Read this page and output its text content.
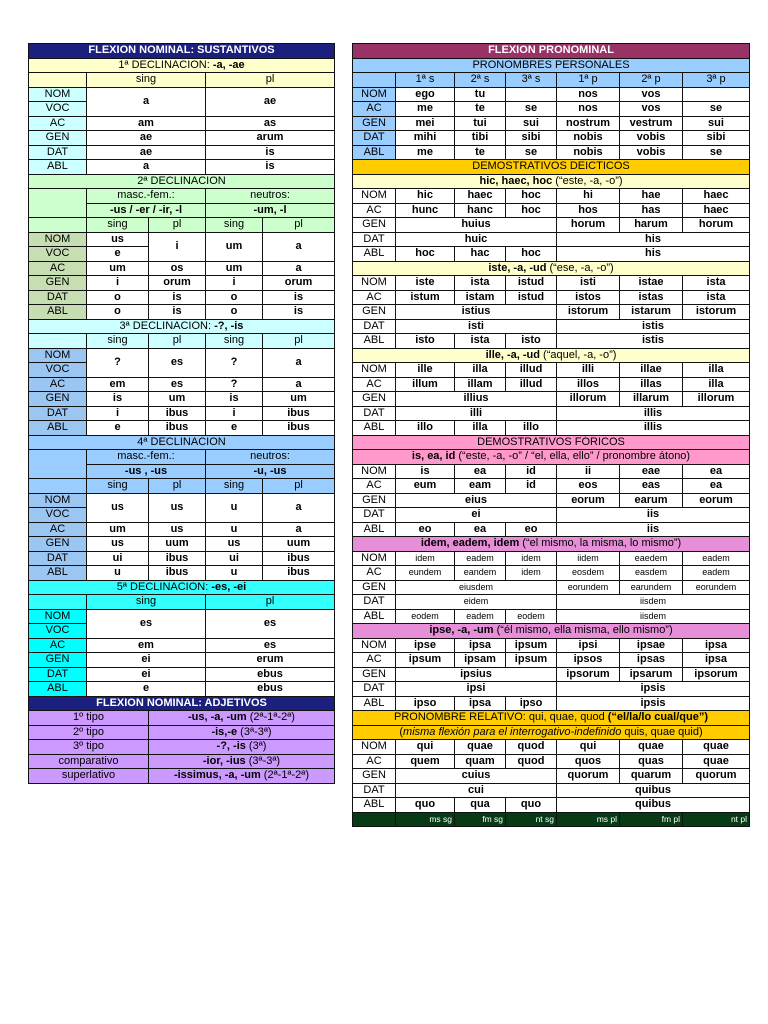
FLEXION NOMINAL: SUSTANTIVOS				
1ª DECLINACION: -a, -ae				
	sing		pl	
NOM	a		ae	
VOC				
AC	am		as	
GEN	ae		arum	
DAT	ae		is	
ABL	a		is	
2ª DECLINACION				
	masc.-fem.:		neutros:	
	-us / -er / -ir, -l		-um, -l	
	sing	pl	sing	pl
NOM	us	i	um	a
VOC	e			
AC	um	os	um	a
GEN	i	orum	i	orum
DAT	o	is	o	is
ABL	o	is	o	is
3ª DECLINACION: -?, -is				
	sing	pl	sing	pl
NOM	?	es	?	a
VOC				
AC	em	es	?	a
GEN	is	um	is	um
DAT	i	ibus	i	ibus
ABL	e	ibus	e	ibus
4ª DECLINACION				
	masc.-fem.:		neutros:	
	-us , -us		-u, -us	
	sing	pl	sing	pl
NOM	us	us	u	a
VOC				
AC	um	us	u	a
GEN	us	uum	us	uum
DAT	ui	ibus	ui	ibus
ABL	u	ibus	u	ibus
5ª DECLINACION: -es, -ei				
	sing		pl	
NOM	es		es	
VOC				
AC	em		es	
GEN	ei		erum	
DAT	ei		ebus	
ABL	e		ebus	
FLEXION NOMINAL: ADJETIVOS				
1º tipo		-us, -a, -um (2ª-1ª-2ª)		
2º tipo		-is,-e (3ª-3ª)		
3º tipo		-?, -is (3ª)		
comparativo		-ior, -ius (3ª-3ª)		
superlativo		-issimus, -a, -um (2ª-1ª-2ª)		
FLEXION PRONOMINAL						
PRONOMBRES PERSONALES						
	1ª s	2ª s	3ª s	1ª p	2ª p	3ª p
NOM	ego	tu		nos	vos	
AC	me	te	se	nos	vos	se
GEN	mei	tui	sui	nostrum	vestrum	sui
DAT	mihi	tibi	sibi	nobis	vobis	sibi
ABL	me	te	se	nobis	vobis	se
DEMOSTRATIVOS DEICTICOS						
hic, haec, hoc (“este, -a, -o”)						
NOM	hic	haec	hoc	hi	hae	haec
AC	hunc	hanc	hoc	hos	has	haec
GEN	huius			horum	harum	horum
DAT	huic			his		
ABL	hoc	hac	hoc	his		
iste, -a, -ud (“ese, -a, -o”)						
NOM	iste	ista	istud	isti	istae	ista
AC	istum	istam	istud	istos	istas	ista
GEN	istius			istorum	istarum	istorum
DAT	isti			istis		
ABL	isto	ista	isto	istis		
ille, -a, -ud (“aquel, -a, -o”)						
NOM	ille	illa	illud	illi	illae	illa
AC	illum	illam	illud	illos	illas	illa
GEN	illius			illorum	illarum	illorum
DAT	illi			illis		
ABL	illo	illa	illo	illis		
DEMOSTRATIVOS FÓRICOS						
is, ea, id (“este, -a, -o” / “el, ella, ello” / pronombre átono)						
NOM	is	ea	id	ii	eae	ea
AC	eum	eam	id	eos	eas	ea
GEN	eius			eorum	earum	eorum
DAT	ei			iis		
ABL	eo	ea	eo	iis		
idem, eadem, idem (“el mismo, la misma, lo mismo”)						
NOM	idem	eadem	idem	iidem	eaedem	eadem
AC	eundem	eandem	idem	eosdem	easdem	eadem
GEN	eiusdem			eorundem	earundem	eorundem
DAT	eidem			iisdem		
ABL	eodem	eadem	eodem	iisdem		
ipse, -a, -um (“él mismo, ella misma, ello mismo”)						
NOM	ipse	ipsa	ipsum	ipsi	ipsae	ipsa
AC	ipsum	ipsam	ipsum	ipsos	ipsas	ipsa
GEN	ipsius			ipsorum	ipsarum	ipsorum
DAT	ipsi			ipsis		
ABL	ipso	ipsa	ipso	ipsis		
PRONOMBRE RELATIVO: qui, quae, quod (“el/la/lo cual/que”)						
(misma flexión para el interrogativo-indefinido quis, quae quid)						
NOM	qui	quae	quod	qui	quae	quae
AC	quem	quam	quod	quos	quas	quae
GEN	cuius			quorum	quarum	quorum
DAT	cui			quibus		
ABL	quo	qua	quo	quibus		
	ms sg	fm sg	nt sg	ms pl	fm pl	nt pl
